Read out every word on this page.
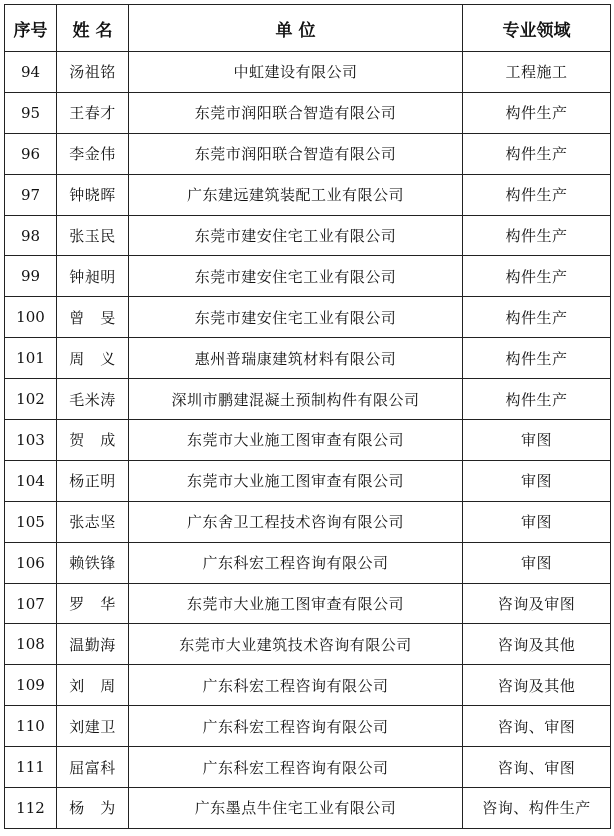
序号	姓 名	单 位	专业领域
94	汤祖铭	中虹建设有限公司	工程施工
95	王春才	东莞市润阳联合智造有限公司	构件生产
96	李金伟	东莞市润阳联合智造有限公司	构件生产
97	钟晓晖	广东建远建筑装配工业有限公司	构件生产
98	张玉民	东莞市建安住宅工业有限公司	构件生产
99	钟昶明	东莞市建安住宅工业有限公司	构件生产
100	曾　旻	东莞市建安住宅工业有限公司	构件生产
101	周　义	惠州普瑞康建筑材料有限公司	构件生产
102	毛米涛	深圳市鹏建混凝土预制构件有限公司	构件生产
103	贺　成	东莞市大业施工图审查有限公司	审图
104	杨正明	东莞市大业施工图审查有限公司	审图
105	张志坚	广东舍卫工程技术咨询有限公司	审图
106	赖铁锋	广东科宏工程咨询有限公司	审图
107	罗　华	东莞市大业施工图审查有限公司	咨询及审图
108	温勤海	东莞市大业建筑技术咨询有限公司	咨询及其他
109	刘　周	广东科宏工程咨询有限公司	咨询及其他
110	刘建卫	广东科宏工程咨询有限公司	咨询、审图
111	屈富科	广东科宏工程咨询有限公司	咨询、审图
112	杨　为	广东墨点牛住宅工业有限公司	咨询、构件生产
